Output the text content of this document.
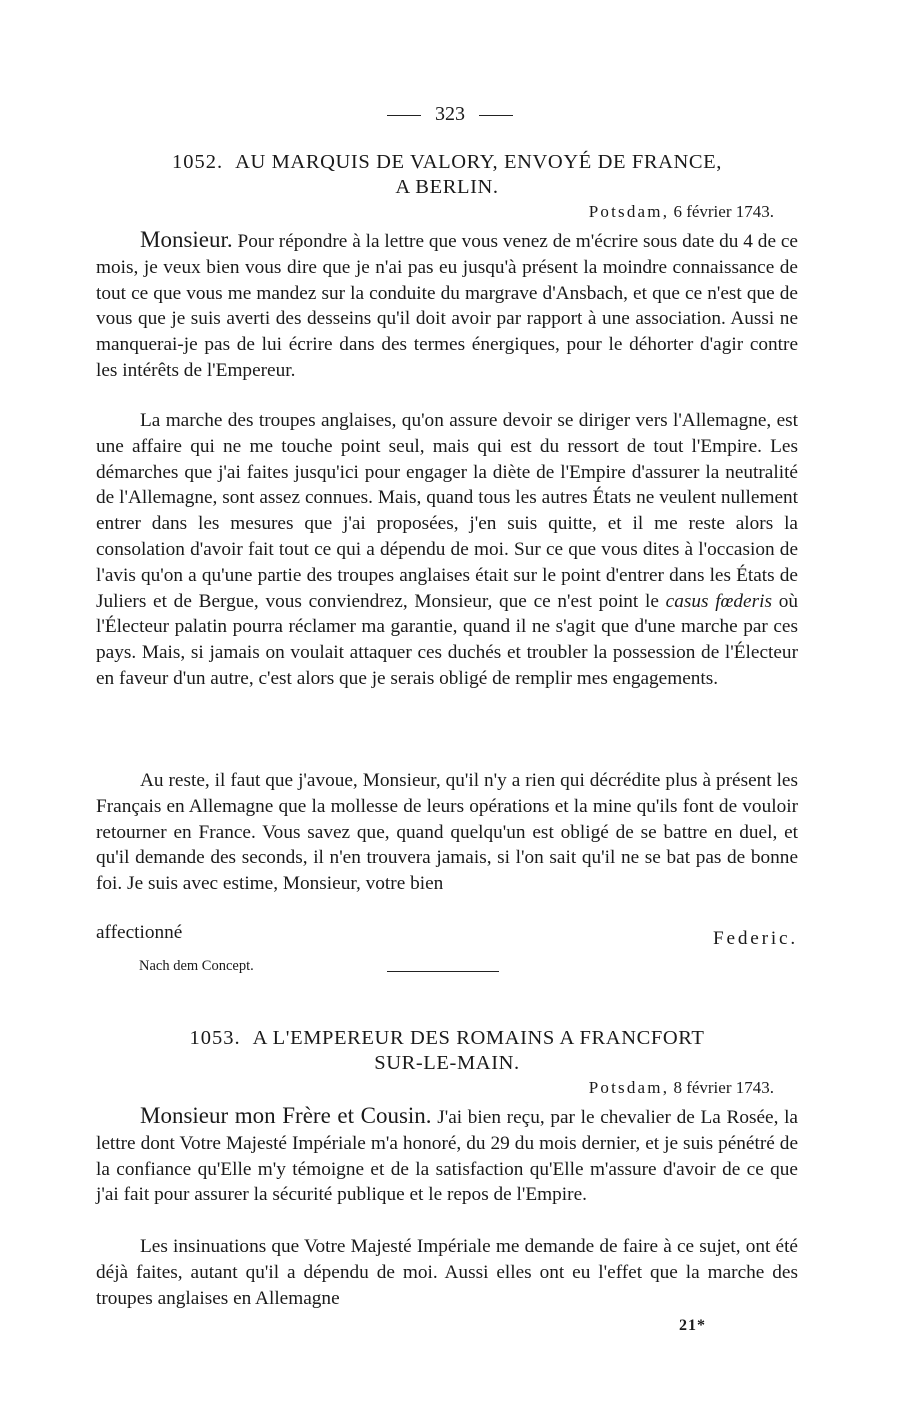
323
1052. AU MARQUIS DE VALORY, ENVOYÉ DE FRANCE,
A BERLIN.
Potsdam, 6 février 1743.

Monsieur. Pour répondre à la lettre que vous venez de m'écrire sous date du 4 de ce mois, je veux bien vous dire que je n'ai pas eu jusqu'à présent la moindre connaissance de tout ce que vous me mandez sur la conduite du margrave d'Ansbach, et que ce n'est que de vous que je suis averti des desseins qu'il doit avoir par rapport à une association. Aussi ne manquerai-je pas de lui écrire dans des termes énergiques, pour le déhorter d'agir contre les intérêts de l'Empereur.

La marche des troupes anglaises, qu'on assure devoir se diriger vers l'Allemagne, est une affaire qui ne me touche point seul, mais qui est du ressort de tout l'Empire. Les démarches que j'ai faites jusqu'ici pour engager la diète de l'Empire d'assurer la neutralité de l'Allemagne, sont assez connues. Mais, quand tous les autres États ne veulent nullement entrer dans les mesures que j'ai proposées, j'en suis quitte, et il me reste alors la consolation d'avoir fait tout ce qui a dépendu de moi. Sur ce que vous dites à l'occasion de l'avis qu'on a qu'une partie des troupes anglaises était sur le point d'entrer dans les États de Juliers et de Bergue, vous conviendrez, Monsieur, que ce n'est point le casus fœderis où l'Électeur palatin pourra réclamer ma garantie, quand il ne s'agit que d'une marche par ces pays. Mais, si jamais on voulait attaquer ces duchés et troubler la possession de l'Électeur en faveur d'un autre, c'est alors que je serais obligé de remplir mes engagements.

Au reste, il faut que j'avoue, Monsieur, qu'il n'y a rien qui décrédite plus à présent les Français en Allemagne que la mollesse de leurs opérations et la mine qu'ils font de vouloir retourner en France. Vous savez que, quand quelqu'un est obligé de se battre en duel, et qu'il demande des seconds, il n'en trouvera jamais, si l'on sait qu'il ne se bat pas de bonne foi. Je suis avec estime, Monsieur, votre bien

affectionné	Federic.
Nach dem Concept.
1053. A L'EMPEREUR DES ROMAINS A FRANCFORT
SUR-LE-MAIN.
Potsdam, 8 février 1743.

Monsieur mon Frère et Cousin. J'ai bien reçu, par le chevalier de La Rosée, la lettre dont Votre Majesté Impériale m'a honoré, du 29 du mois dernier, et je suis pénétré de la confiance qu'Elle m'y témoigne et de la satisfaction qu'Elle m'assure d'avoir de ce que j'ai fait pour assurer la sécurité publique et le repos de l'Empire.

Les insinuations que Votre Majesté Impériale me demande de faire à ce sujet, ont été déjà faites, autant qu'il a dépendu de moi. Aussi elles ont eu l'effet que la marche des troupes anglaises en Allemagne

21*
